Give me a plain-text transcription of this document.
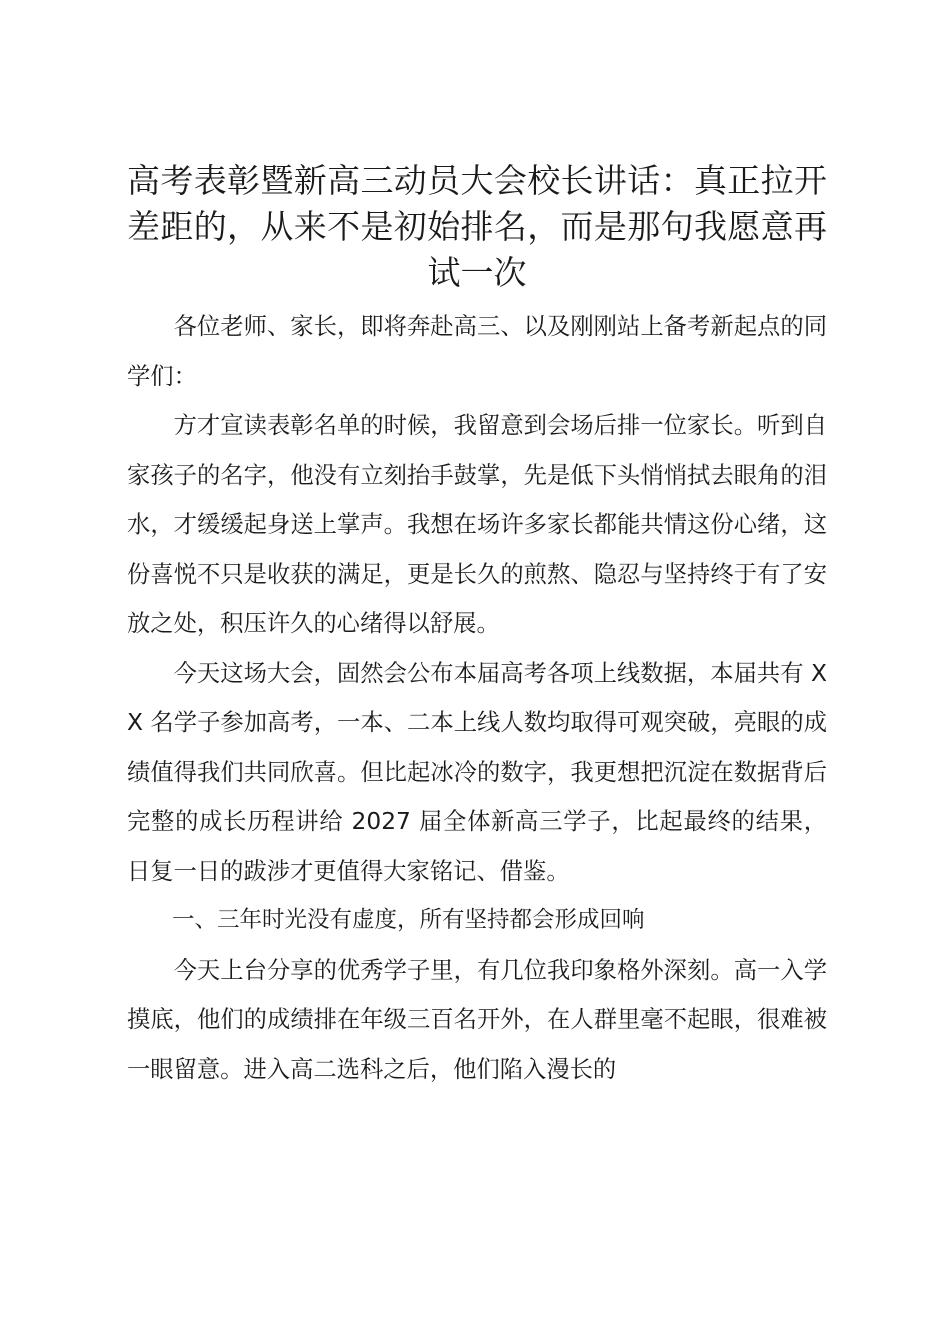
高考表彰暨新高三动员大会校长讲话：真正拉开差距的，从来不是初始排名，而是那句我愿意再试一次

各位老师、家长，即将奔赴高三、以及刚刚站上备考新起点的同学们：

方才宣读表彰名单的时候，我留意到会场后排一位家长。听到自家孩子的名字，他没有立刻抬手鼓掌，先是低下头悄悄拭去眼角的泪水，才缓缓起身送上掌声。我想在场许多家长都能共情这份心绪，这份喜悦不只是收获的满足，更是长久的煎熬、隐忍与坚持终于有了安放之处，积压许久的心绪得以舒展。

今天这场大会，固然会公布本届高考各项上线数据，本届共有 XX 名学子参加高考，一本、二本上线人数均取得可观突破，亮眼的成绩值得我们共同欣喜。但比起冰冷的数字，我更想把沉淀在数据背后完整的成长历程讲给 2027 届全体新高三学子，比起最终的结果，日复一日的跋涉才更值得大家铭记、借鉴。

一、三年时光没有虚度，所有坚持都会形成回响

今天上台分享的优秀学子里，有几位我印象格外深刻。高一入学摸底，他们的成绩排在年级三百名开外，在人群里毫不起眼，很难被一眼留意。进入高二选科之后，他们陷入漫长的
